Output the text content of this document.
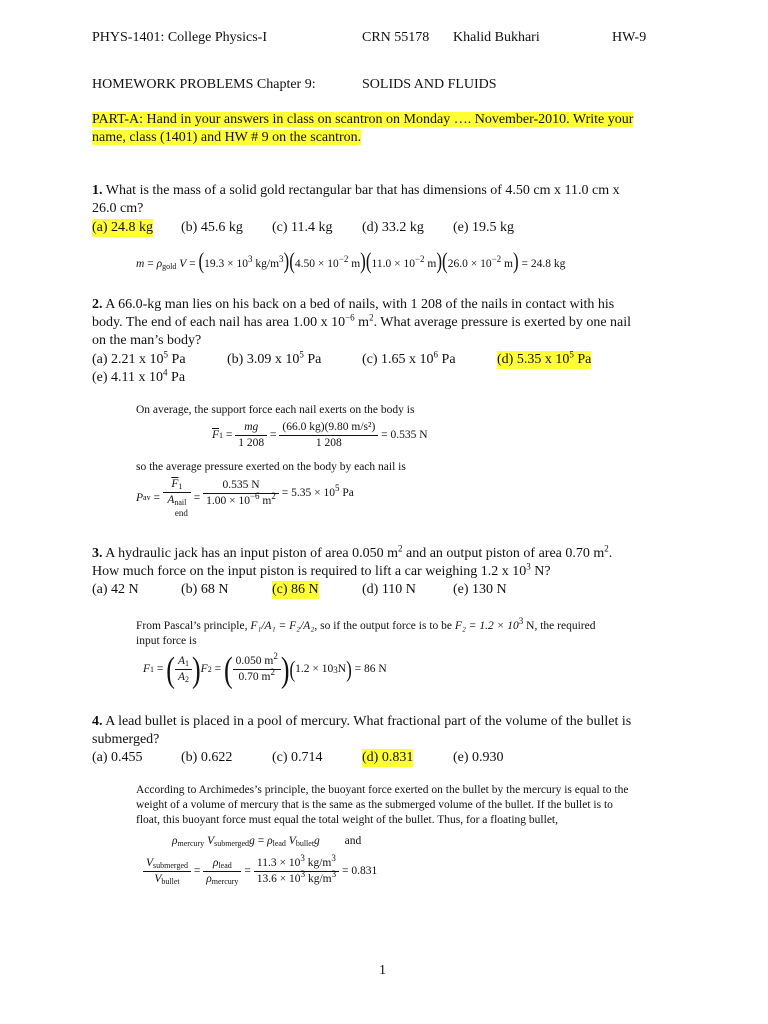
PHYS-1401: College Physics-I	CRN 55178 Khalid Bukhari	HW-9
HOMEWORK PROBLEMS Chapter 9:	SOLIDS AND FLUIDS
PART-A: Hand in your answers in class on scantron on Monday …. November-2010. Write your
name, class (1401) and HW # 9 on the scantron.
1. What is the mass of a solid gold rectangular bar that has dimensions of 4.50 cm x 11.0 cm x
26.0 cm?
(a) 24.8 kg (b) 45.6 kg (c) 11.4 kg (d) 33.2 kg (e) 19.5 kg
$m = \rho_{gold}$ $V = (19.3 \times 10^3$ $kg/m^3)(4.50 \times 10^{-2}$ $m)(11.0 \times 10^{-2}$ $m)(26.0 \times 10^{-2}$ m) = 24.8 kg
2. A 66.0-kg man lies on his back on a bed of nails, with 1 208 of the nails in contact with his
body. The end of each nail has area 1.00 x $10^{-6}$ $m^2$. What average pressure is exerted by one nail
on the man’s body?
(a) 2.21 x $10^5$ Pa	(b) 3.09 x $10^5$ Pa	(c) 1.65 x $10^6$ Pa	(d) 5.35 x $10^5$ Pa
(e) 4.11 x $10^4$ Pa
On average, the support force each nail exerts on the body is
$\overline{F}$ $1 = \frac{mg}{1 208} = \frac{\text{(66.0 kg)(9.80 m/s²)}}{1 208}$
= 0.535 N
so the average pressure exerted on the body by each nail is
P av =
$\overline{F}_1$
$A_{nail}$
end
= $\frac{0.535 N}{1.00 \times 10^{-6} m^2}$
= $5.35 \times 10^5$ Pa
3. A hydraulic jack has an input piston of area 0.050 $m^2$ and an output piston of area 0.70 $m^2$.
How much force on the input piston is required to lift a car weighing 1.2 x $10^3$ N?
(a) 42 N	(b) 68 N	(c) 86 N	(d) 110 N	(e) 130 N
From Pascal’s principle, F₁/A₁ = F₂/A₂, so if the output force is to be $F_2 = 1.2 \times 10^3$ N, the required
input force is
F 1 = ( $\frac{A_1}{A_2}$ ) F 2 = ( $\frac{0.050 m^2}{0.70 m^2}$ ) ( 1.2 × 10 3 N )
= 86 N
4. A lead bullet is placed in a pool of mercury. What fractional part of the volume of the bullet is
submerged?
(a) 0.455	(b) 0.622	(c) 0.714	(d) 0.831	(e) 0.930
According to Archimedes’s principle, the buoyant force exerted on the bullet by the mercury is equal to the
weight of a volume of mercury that is the same as the submerged volume of the bullet. If the bullet is to
float, this buoyant force must equal the total weight of the bullet. Thus, for a floating bullet,
$\rho_{mercury}$ $V_{submerged}g = \rho_{lead}$ $V_{bullet}g$ and
$\frac{V_{submerged}}{V_{bullet}} = \frac{\rho_{lead}}{\rho_{mercury}} = \frac{11.3 \times 10^3 kg/m^3}{13.6 \times 10^3 kg/m^3}$
= 0.831
1
